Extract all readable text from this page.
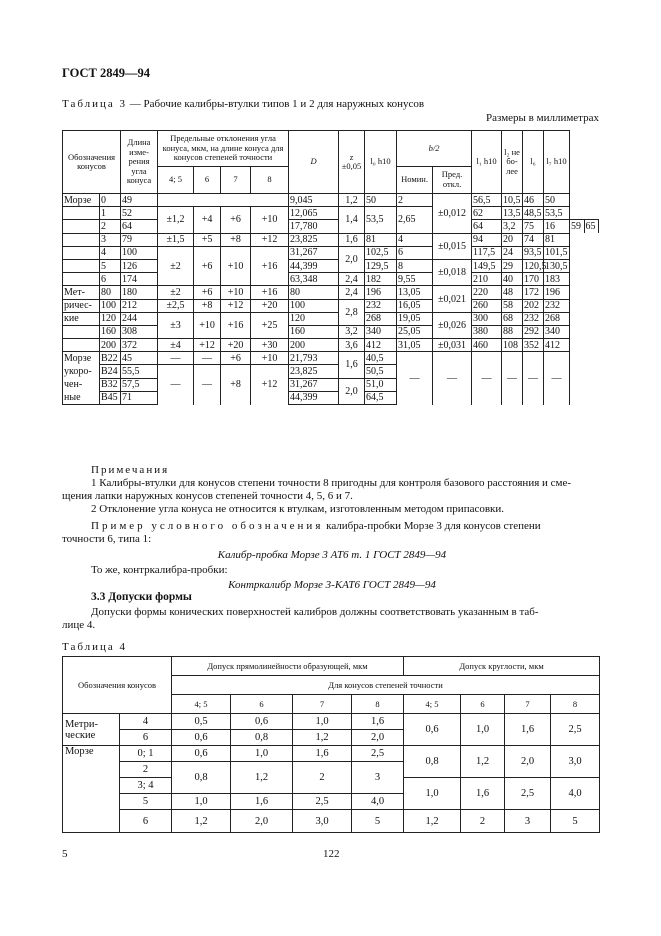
ГОСТ 2849—94
Таблица 3 — Рабочие калибры-втулки типов 1 и 2 для наружных конусов
Размеры в миллиметрах
Обозначения конусов		Длина изме-рения угла конуса	Предельные отклонения угла конуса, мкм, на длине конуса для конусов степеней точности				D	z ±0,05	l₀ h10	b/2		l₁ h10	l₂ не бо-лее	l₆	l₇ h10		
			4; 5	6	7	8				Номин.	Пред. откл.						
Морзе	0	49					9,045	1,2	50	2	±0,012	56,5	10,5	46	50		
	1	52	±1,2	+4	+6	+10	12,065	1,4	53,5	2,65		62	13,5	48,5	53,5		
	2	64					17,780					64	3,2	75	16	59	65
	3	79	±1,5	+5	+8	+12	23,825	1,6	81	4	±0,015	94	20	74	81		
	4	100	±2	+6	+10	+16	31,267	2,0	102,5	6		117,5	24	93,5	101,5		
	5	126					44,399		129,5	8	±0,018	149,5	29	120,5	130,5		
	6	174					63,348	2,4	182	9,55		210	40	170	183		
Мет-	80	180	±2	+6	+10	+16	80	2,4	196	13,05	±0,021	220	48	172	196		
ричес-	100	212	±2,5	+8	+12	+20	100	2,8	232	16,05		260	58	202	232		
кие	120	244	±3	+10	+16	+25	120		268	19,05	±0,026	300	68	232	268		
	160	308					160	3,2	340	25,05		380	88	292	340		
	200	372	±4	+12	+20	+30	200	3,6	412	31,05	±0,031	460	108	352	412		
Морзе	B22	45	—	—	+6	+10	21,793	1,6	40,5	—	—	—	—	—	—		
укоро-	B24	55,5	—	—	+8	+12	23,825		50,5								
чен-	B32	57,5					31,267	2,0	51,0								
ные	B45	71					44,399		64,5								
Примечания
1 Калибры-втулки для конусов степени точности 8 пригодны для контроля базового расстояния и сме-
щения лапки наружных конусов степеней точности 4, 5, 6 и 7.
2 Отклонение угла конуса не относится к втулкам, изготовленным методом припасовки.
Пример условного обозначения калибра-пробки Морзе 3 для конусов степени
точности 6, типа 1:
Калибр-пробка Морзе 3 АТ6 т. 1 ГОСТ 2849—94
То же, контркалибра-пробки:
Контркалибр Морзе 3-КАТ6 ГОСТ 2849—94
3.3 Допуски формы
Допуски формы конических поверхностей калибров должны соответствовать указанным в таб-
лице 4.
Таблица 4
Обозначения конусов		Допуск прямолинейности образующей, мкм				Допуск круглости, мкм			
		Для конусов степеней точности							
		4; 5	6	7	8	4; 5	6	7	8

Метри-
ческие	4	0,5	0,6	1,0	1,6	0,6	1,0	1,6	2,5
	6	0,6	0,8	1,2	2,0				
Морзе	0; 1	0,6	1,0	1,6	2,5	0,8	1,2	2,0	3,0
	2	0,8	1,2	2	3				
	3; 4					1,0	1,6	2,5	4,0
	5	1,0	1,6	2,5	4,0				
	6	1,2	2,0	3,0	5	1,2	2	3	5
5	122
